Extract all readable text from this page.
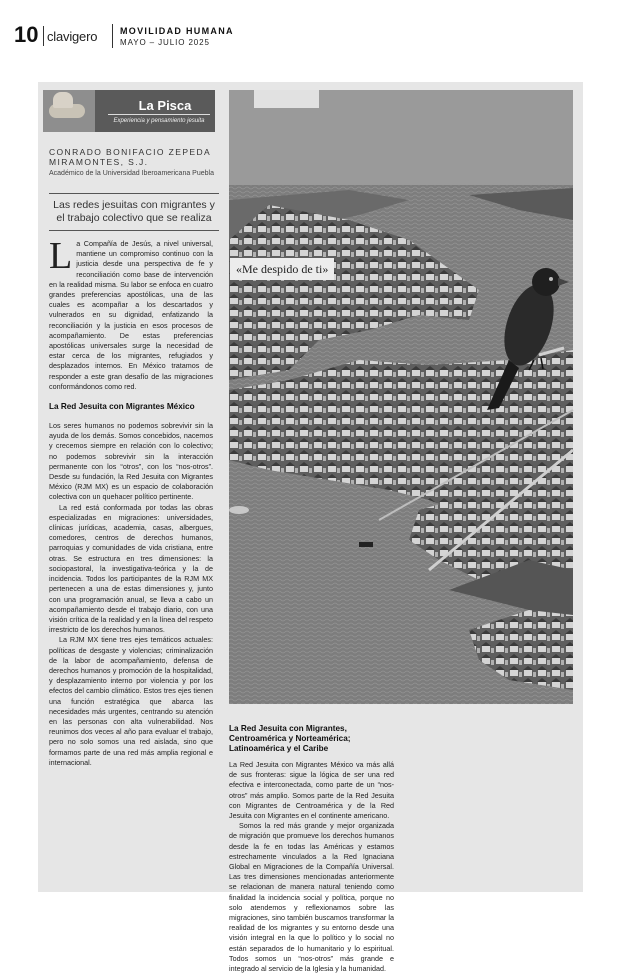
10 clavigero	MOVILIDAD HUMANA
MAYO – JULIO 2025
La Pisca
Experiencia y pensamiento jesuita
CONRADO BONIFACIO ZEPEDA MIRAMONTES, S.J.
Académico de la Universidad Iberoamericana Puebla
Las redes jesuitas con migrantes y el trabajo colectivo que se realiza

La Compañía de Jesús, a nivel universal, mantiene un compromiso continuo con la justicia desde una perspectiva de fe y reconciliación como base de intervención en la realidad misma. Su labor se enfoca en cuatro grandes preferencias apostólicas, una de las cuales es acompañar a los descartados y vulnerados en su dignidad, enfatizando la reconciliación y la justicia en esos procesos de acompañamiento. De estas preferencias apostólicas universales surge la necesidad de estar cerca de los migrantes, refugiados y desplazados internos. En México tratamos de responder a este gran desafío de las migraciones conformándonos como red.

La Red Jesuita con Migrantes México

Los seres humanos no podemos sobrevivir sin la ayuda de los demás. Somos concebidos, nacemos y crecemos siempre en relación con lo colectivo; no podemos sobrevivir sin la interacción permanente con los “otros”, con los “nos-otros”. Desde su fundación, la Red Jesuita con Migrantes México (RJM MX) es un espacio de colaboración colectiva con un quehacer político pertinente.

La red está conformada por todas las obras especializadas en migraciones: universidades, clínicas jurídicas, academia, casas, albergues, comedores, centros de derechos humanos, parroquias y comunidades de vida cristiana, entre otras. Se estructura en tres dimensiones: la sociopastoral, la investigativa-teórica y la de incidencia. Todos los participantes de la RJM MX pertenecen a una de estas dimensiones y, junto con una programación anual, se lleva a cabo un acompañamiento desde el trabajo diario, con una visión crítica de la realidad y en la línea del respeto irrestricto de los derechos humanos.

La RJM MX tiene tres ejes temáticos actuales: políticas de desgaste y violencias; criminalización de la labor de acompañamiento, defensa de derechos humanos y promoción de la hospitalidad, y desplazamiento interno por violencia y por los efectos del cambio climático. Estos tres ejes tienen una función estratégica que abarca las necesidades más urgentes, centrando su atención en las personas con alta vulnerabilidad. Nos reunimos dos veces al año para evaluar el trabajo, pero no solo somos una red aislada, sino que formamos parte de una red más amplia regional e internacional.

«Me despido de ti»
La Red Jesuita con Migrantes, Centroamérica y Norteamérica; Latinoamérica y el Caribe

La Red Jesuita con Migrantes México va más allá de sus fronteras: sigue la lógica de ser una red efectiva e interconectada, como parte de un “nos-otros” más amplio. Somos parte de la Red Jesuita con Migrantes de Centroamérica y de la Red Jesuita con Migrantes en el continente americano.

Somos la red más grande y mejor organizada de migración que promueve los derechos humanos desde la fe en todas las Américas y estamos estrechamente vinculados a la Red Ignaciana Global en Migraciones de la Compañía Universal. Las tres dimensiones mencionadas anteriormente se relacionan de manera natural teniendo como finalidad la incidencia social y política, porque no solo atendemos y reflexionamos sobre las migraciones, sino también buscamos transformar la realidad de los migrantes y su entorno desde una visión integral en la que lo político y lo social no están separados de lo humanitario y lo espiritual. Todos somos un “nos-otros” más grande e integrado al servicio de la Iglesia y la humanidad.
